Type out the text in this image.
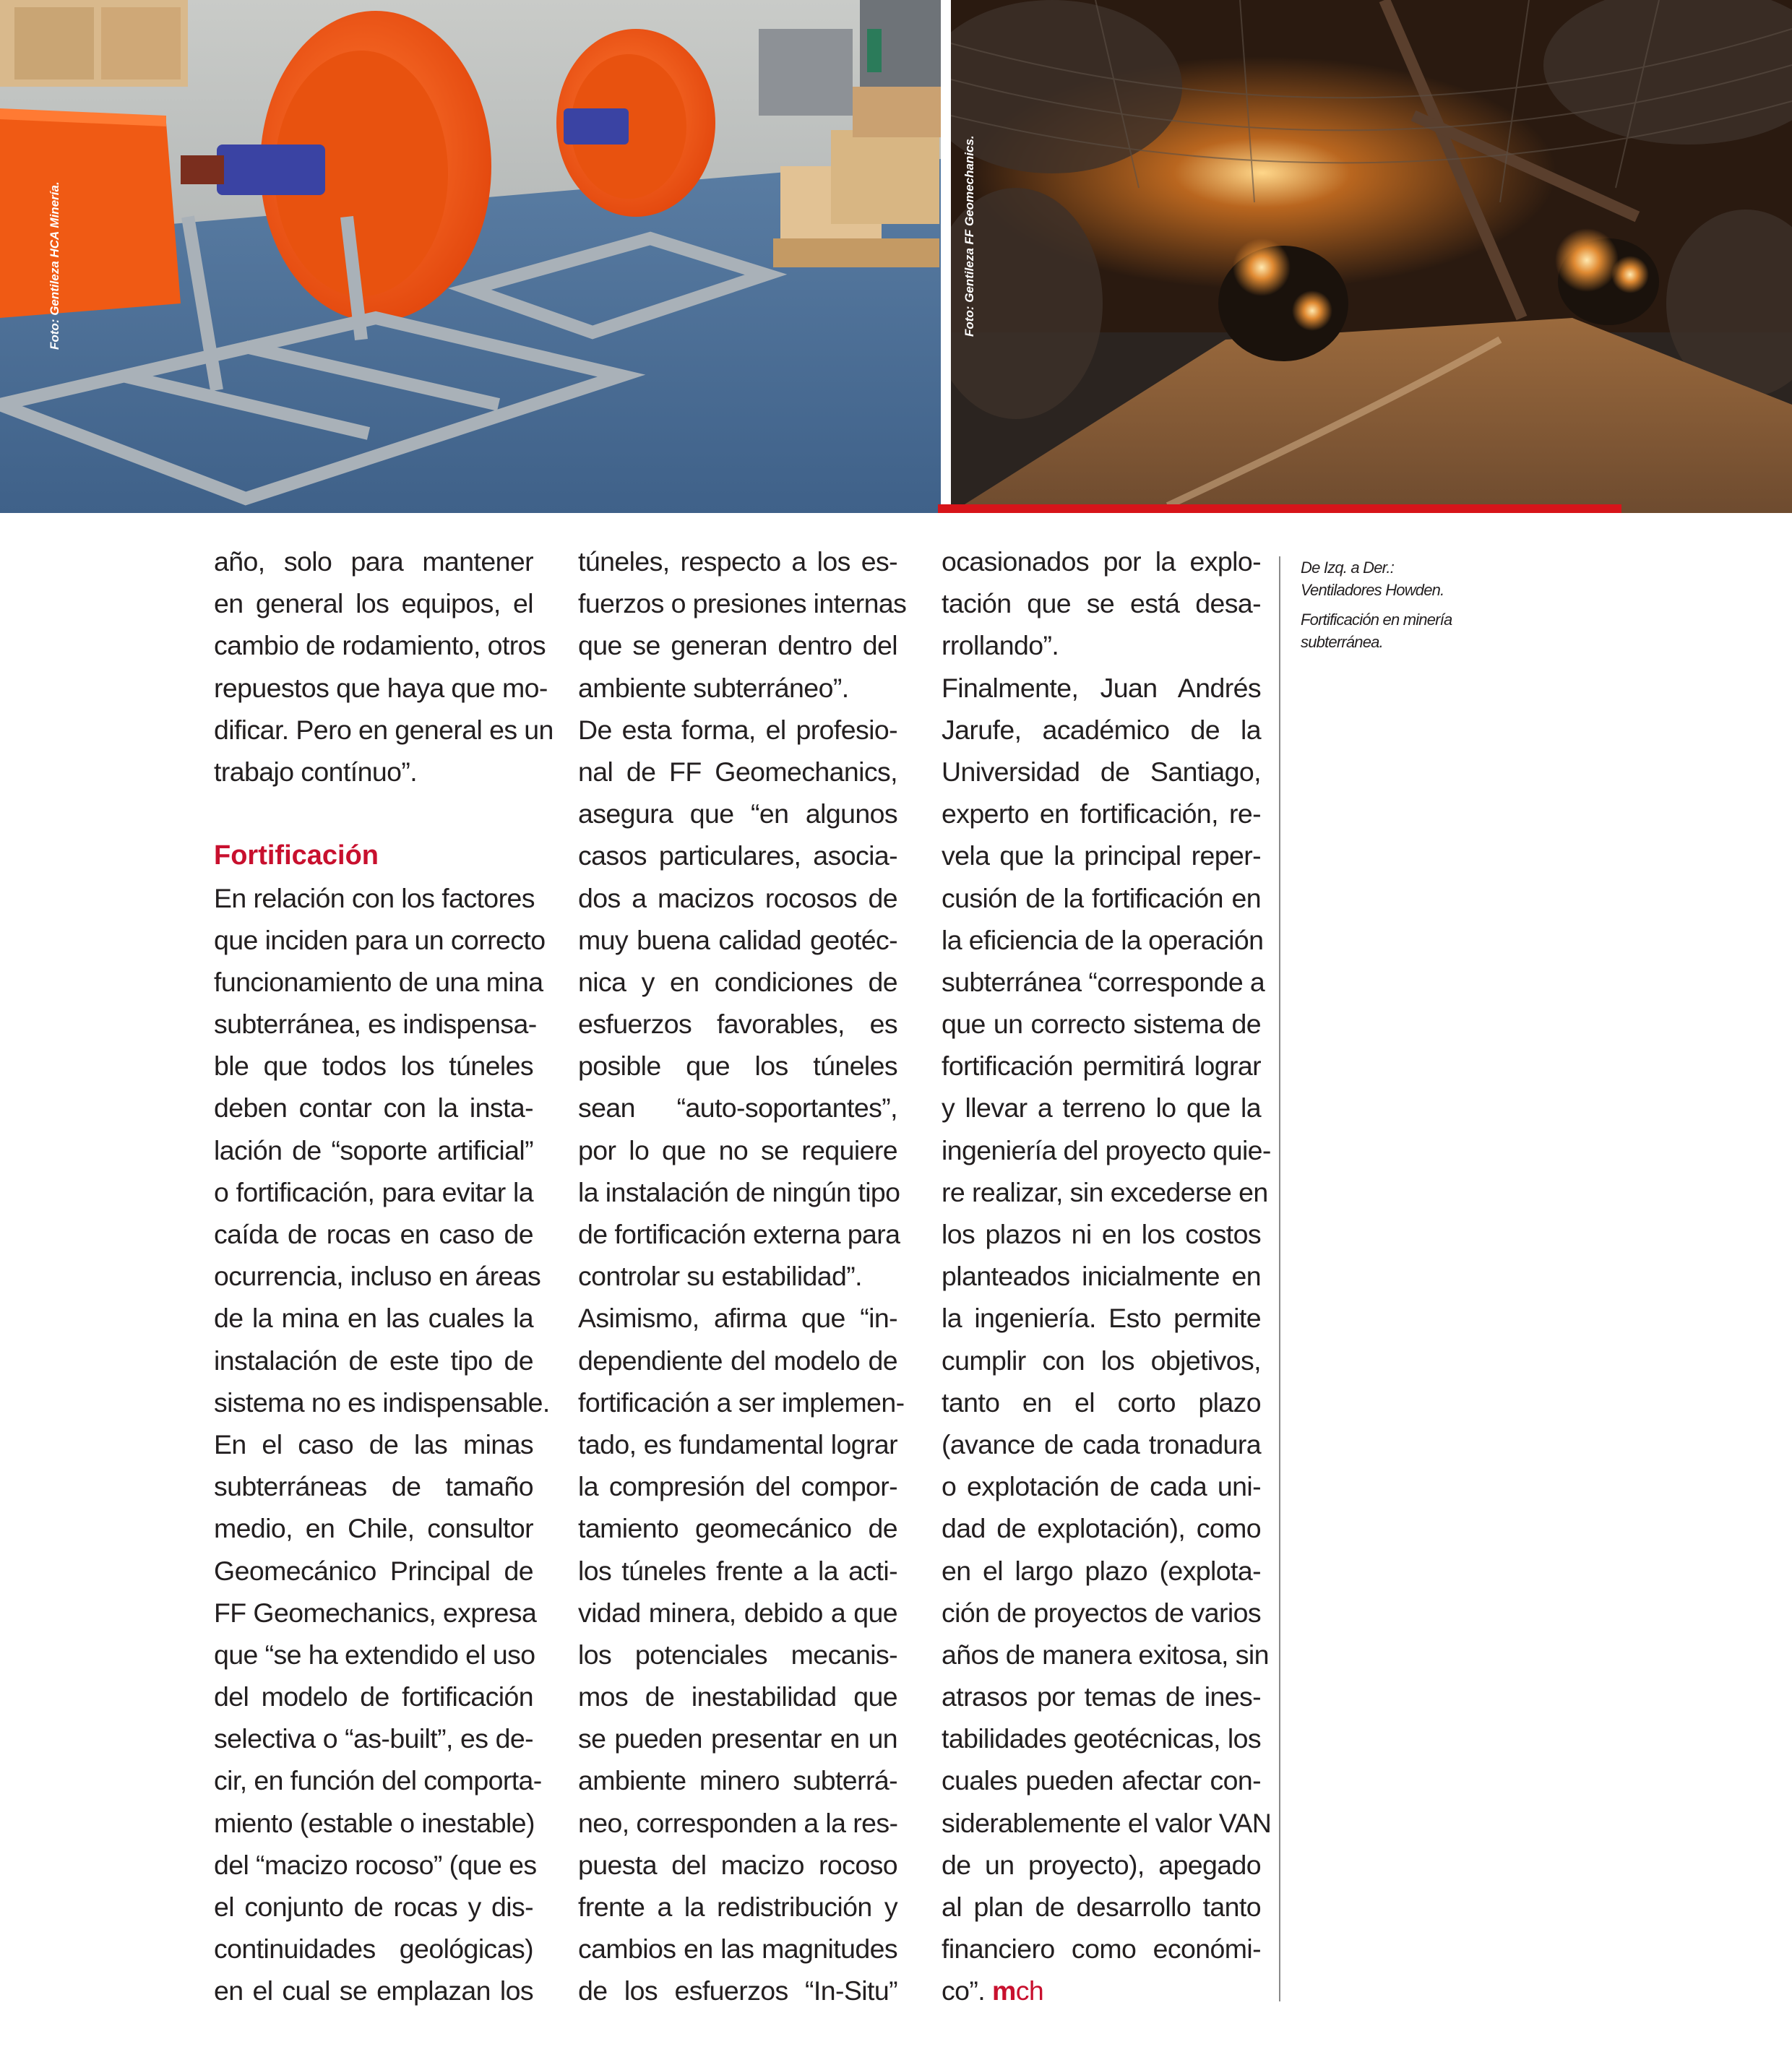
Foto: Gentileza HCA Minería.	Foto: Gentileza FF Geomechanics.
año, solo para mantener
en general los equipos, el
cambio de rodamiento, otros
repuestos que haya que mo-
dificar. Pero en general es un
trabajo contínuo”.
Fortificación
En relación con los factores
que inciden para un correcto
funcionamiento de una mina
subterránea, es indispensa-
ble que todos los túneles
deben contar con la insta-
lación de “soporte artificial”
o fortificación, para evitar la
caída de rocas en caso de
ocurrencia, incluso en áreas
de la mina en las cuales la
instalación de este tipo de
sistema no es indispensable.
En el caso de las minas
subterráneas de tamaño
medio, en Chile, consultor
Geomecánico Principal de
FF Geomechanics, expresa
que “se ha extendido el uso
del modelo de fortificación
selectiva o “as-built”, es de-
cir, en función del comporta-
miento (estable o inestable)
del “macizo rocoso” (que es
el conjunto de rocas y dis-
continuidades geológicas)
en el cual se emplazan los
túneles, respecto a los es-
fuerzos o presiones internas
que se generan dentro del
ambiente subterráneo”.
De esta forma, el profesio-
nal de FF Geomechanics,
asegura que “en algunos
casos particulares, asocia-
dos a macizos rocosos de
muy buena calidad geotéc-
nica y en condiciones de
esfuerzos favorables, es
posible que los túneles
sean “auto-soportantes”,
por lo que no se requiere
la instalación de ningún tipo
de fortificación externa para
controlar su estabilidad”.
Asimismo, afirma que “in-
dependiente del modelo de
fortificación a ser implemen-
tado, es fundamental lograr
la compresión del compor-
tamiento geomecánico de
los túneles frente a la acti-
vidad minera, debido a que
los potenciales mecanis-
mos de inestabilidad que
se pueden presentar en un
ambiente minero subterrá-
neo, corresponden a la res-
puesta del macizo rocoso
frente a la redistribución y
cambios en las magnitudes
de los esfuerzos “In-Situ”
ocasionados por la explo-
tación que se está desa-
rrollando”.
Finalmente, Juan Andrés
Jarufe, académico de la
Universidad de Santiago,
experto en fortificación, re-
vela que la principal reper-
cusión de la fortificación en
la eficiencia de la operación
subterránea “corresponde a
que un correcto sistema de
fortificación permitirá lograr
y llevar a terreno lo que la
ingeniería del proyecto quie-
re realizar, sin excederse en
los plazos ni en los costos
planteados inicialmente en
la ingeniería. Esto permite
cumplir con los objetivos,
tanto en el corto plazo
(avance de cada tronadura
o explotación de cada uni-
dad de explotación), como
en el largo plazo (explota-
ción de proyectos de varios
años de manera exitosa, sin
atrasos por temas de ines-
tabilidades geotécnicas, los
cuales pueden afectar con-
siderablemente el valor VAN
de un proyecto), apegado
al plan de desarrollo tanto
financiero como económi-
co”. mch
De Izq. a Der.:
Ventiladores Howden.
Fortificación en minería
subterránea.
